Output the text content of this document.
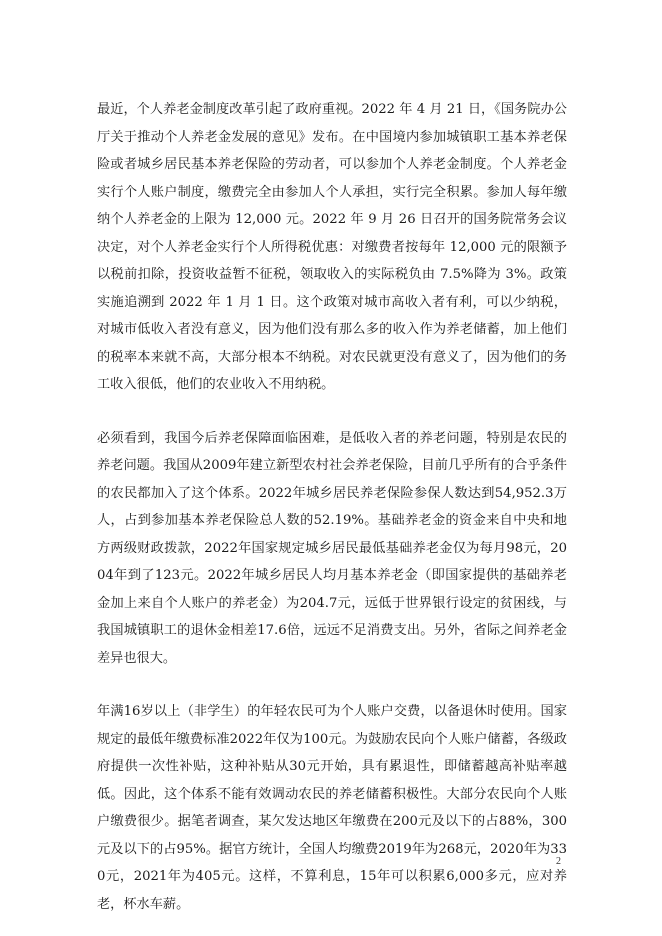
最近，个人养老金制度改革引起了政府重视。2022 年 4 月 21 日，《国务院办公厅关于推动个人养老金发展的意见》发布。在中国境内参加城镇职工基本养老保险或者城乡居民基本养老保险的劳动者，可以参加个人养老金制度。个人养老金实行个人账户制度，缴费完全由参加人个人承担，实行完全积累。参加人每年缴纳个人养老金的上限为 12,000 元。2022 年 9 月 26 日召开的国务院常务会议决定，对个人养老金实行个人所得税优惠：对缴费者按每年 12,000 元的限额予以税前扣除，投资收益暂不征税，领取收入的实际税负由 7.5%降为 3%。政策实施追溯到 2022 年 1 月 1 日。这个政策对城市高收入者有利，可以少纳税，对城市低收入者没有意义，因为他们没有那么多的收入作为养老储蓄，加上他们的税率本来就不高，大部分根本不纳税。对农民就更没有意义了，因为他们的务工收入很低，他们的农业收入不用纳税。

必须看到，我国今后养老保障面临困难，是低收入者的养老问题，特别是农民的养老问题。我国从2009年建立新型农村社会养老保险，目前几乎所有的合乎条件的农民都加入了这个体系。2022年城乡居民养老保险参保人数达到54,952.3万人，占到参加基本养老保险总人数的52.19%。基础养老金的资金来自中央和地方两级财政拨款，2022年国家规定城乡居民最低基础养老金仅为每月98元，2004年到了123元。2022年城乡居民人均月基本养老金（即国家提供的基础养老金加上来自个人账户的养老金）为204.7元，远低于世界银行设定的贫困线，与我国城镇职工的退休金相差17.6倍，远远不足消费支出。另外，省际之间养老金差异也很大。

年满16岁以上（非学生）的年轻农民可为个人账户交费，以备退休时使用。国家规定的最低年缴费标准2022年仅为100元。为鼓励农民向个人账户储蓄，各级政府提供一次性补贴，这种补贴从30元开始，具有累退性，即储蓄越高补贴率越低。因此，这个体系不能有效调动农民的养老储蓄积极性。大部分农民向个人账户缴费很少。据笔者调查，某欠发达地区年缴费在200元及以下的占88%，300元及以下的占95%。据官方统计，全国人均缴费2019年为268元，2020年为330元，2021年为405元。这样，不算利息，15年可以积累6,000多元，应对养老，杯水车薪。

2
